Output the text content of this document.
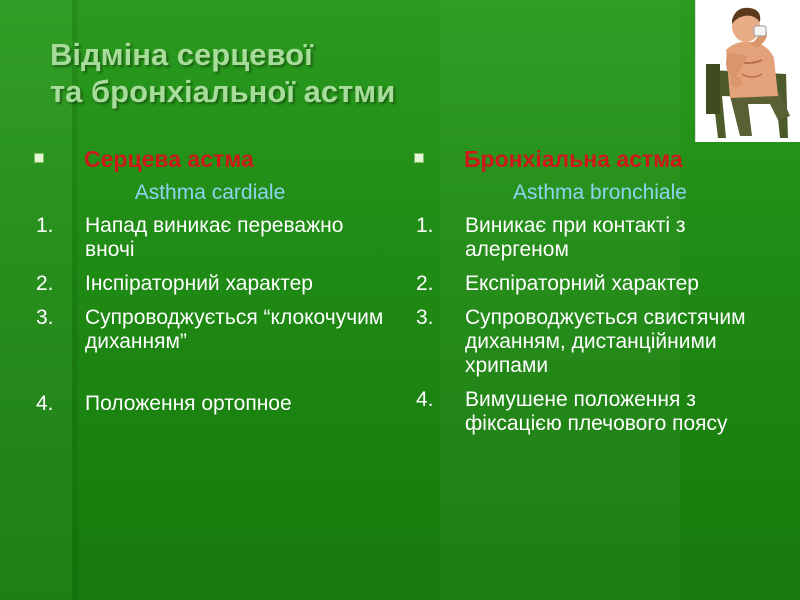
Відміна серцевої
та бронхіальної астми
Серцева астма
Asthma cardiale
1. Напад виникає переважно вночі
2. Інспіраторний характер
3. Супроводжується “клокочучим диханням”
4. Положення ортопное
Бронхіальна астма
Asthma bronchiale
1. Виникає при контакті з алергеном
2. Експіраторний характер
3. Супроводжується свистячим диханням, дистанційними хрипами
4. Вимушене положення з фіксацією плечового поясу
